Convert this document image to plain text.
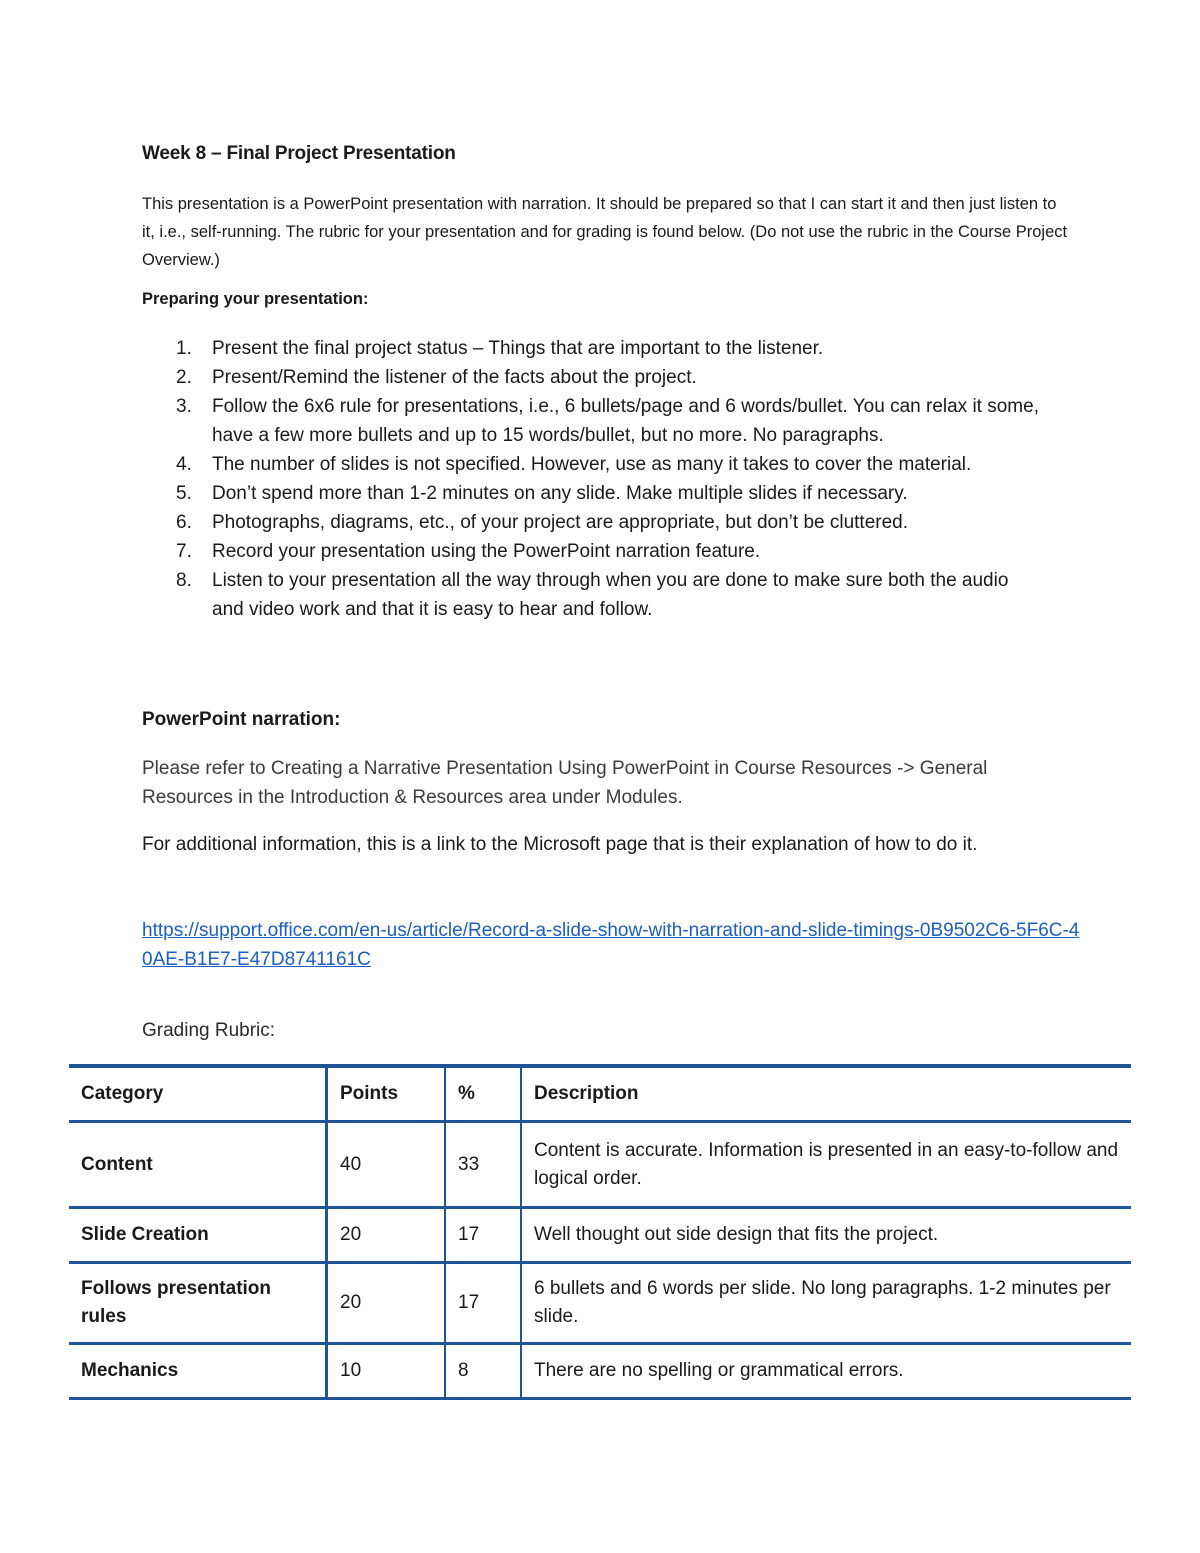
Week 8 – Final Project Presentation
This presentation is a PowerPoint presentation with narration. It should be prepared so that I can start it and then just listen to it, i.e., self-running. The rubric for your presentation and for grading is found below. (Do not use the rubric in the Course Project Overview.)
Preparing your presentation:
1.	Present the final project status – Things that are important to the listener.
2.	Present/Remind the listener of the facts about the project.
3.	Follow the 6x6 rule for presentations, i.e., 6 bullets/page and 6 words/bullet. You can relax it some, have a few more bullets and up to 15 words/bullet, but no more. No paragraphs.
4.	The number of slides is not specified. However, use as many it takes to cover the material.
5.	Don’t spend more than 1-2 minutes on any slide. Make multiple slides if necessary.
6.	Photographs, diagrams, etc., of your project are appropriate, but don’t be cluttered.
7.	Record your presentation using the PowerPoint narration feature.
8.	Listen to your presentation all the way through when you are done to make sure both the audio and video work and that it is easy to hear and follow.
PowerPoint narration:
Please refer to Creating a Narrative Presentation Using PowerPoint in Course Resources -> General Resources in the Introduction & Resources area under Modules.
For additional information, this is a link to the Microsoft page that is their explanation of how to do it.
https://support.office.com/en-us/article/Record-a-slide-show-with-narration-and-slide-timings-0B9502C6-5F6C-40AE-B1E7-E47D8741161C
Grading Rubric:
Category	Points	%	Description
Content	40	33	Content is accurate. Information is presented in an easy-to-follow and logical order.

Slide Creation	20	17	Well thought out side design that fits the project.

Follows presentation rules	20	17	6 bullets and 6 words per slide. No long paragraphs. 1-2 minutes per slide.

Mechanics	10	8	There are no spelling or grammatical errors.
